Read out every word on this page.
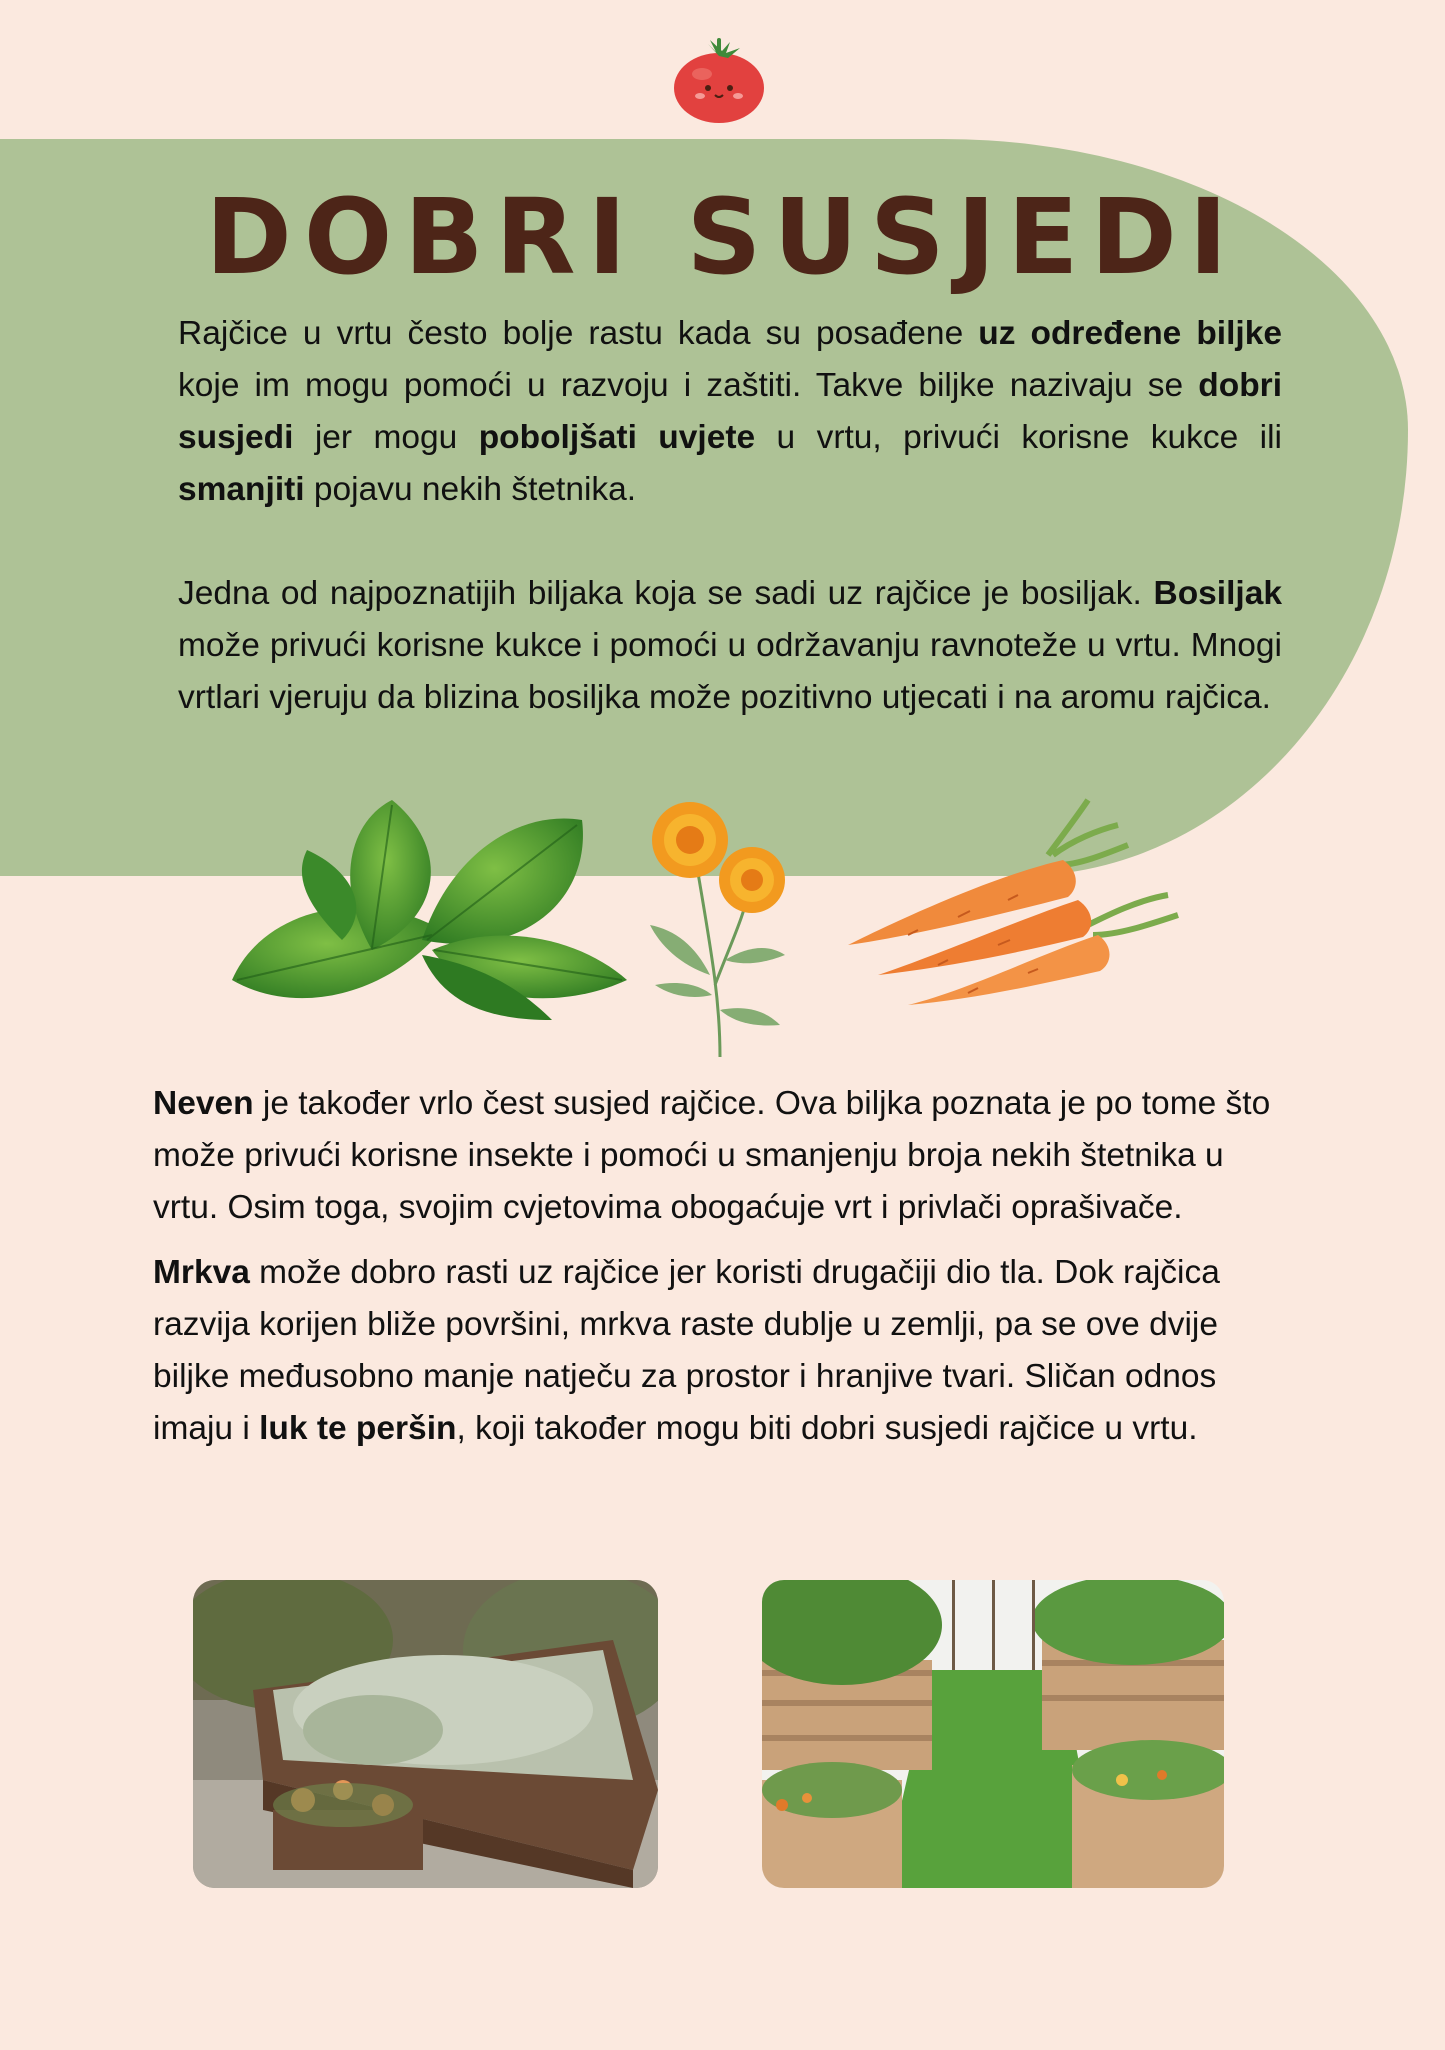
DOBRI SUSJEDI

Rajčice u vrtu često bolje rastu kada su posađene uz određene biljke koje im mogu pomoći u razvoju i zaštiti. Takve biljke nazivaju se dobri susjedi jer mogu poboljšati uvjete u vrtu, privući korisne kukce ili smanjiti pojavu nekih štetnika.

Jedna od najpoznatijih biljaka koja se sadi uz rajčice je bosiljak. Bosiljak može privući korisne kukce i pomoći u održavanju ravnoteže u vrtu. Mnogi vrtlari vjeruju da blizina bosiljka može pozitivno utjecati i na aromu rajčica.

Neven je također vrlo čest susjed rajčice. Ova biljka poznata je po tome što može privući korisne insekte i pomoći u smanjenju broja nekih štetnika u vrtu. Osim toga, svojim cvjetovima obogaćuje vrt i privlači oprašivače.

Mrkva može dobro rasti uz rajčice jer koristi drugačiji dio tla. Dok rajčica razvija korijen bliže površini, mrkva raste dublje u zemlji, pa se ove dvije biljke međusobno manje natječu za prostor i hranjive tvari. Sličan odnos imaju i luk te peršin, koji također mogu biti dobri susjedi rajčice u vrtu.
